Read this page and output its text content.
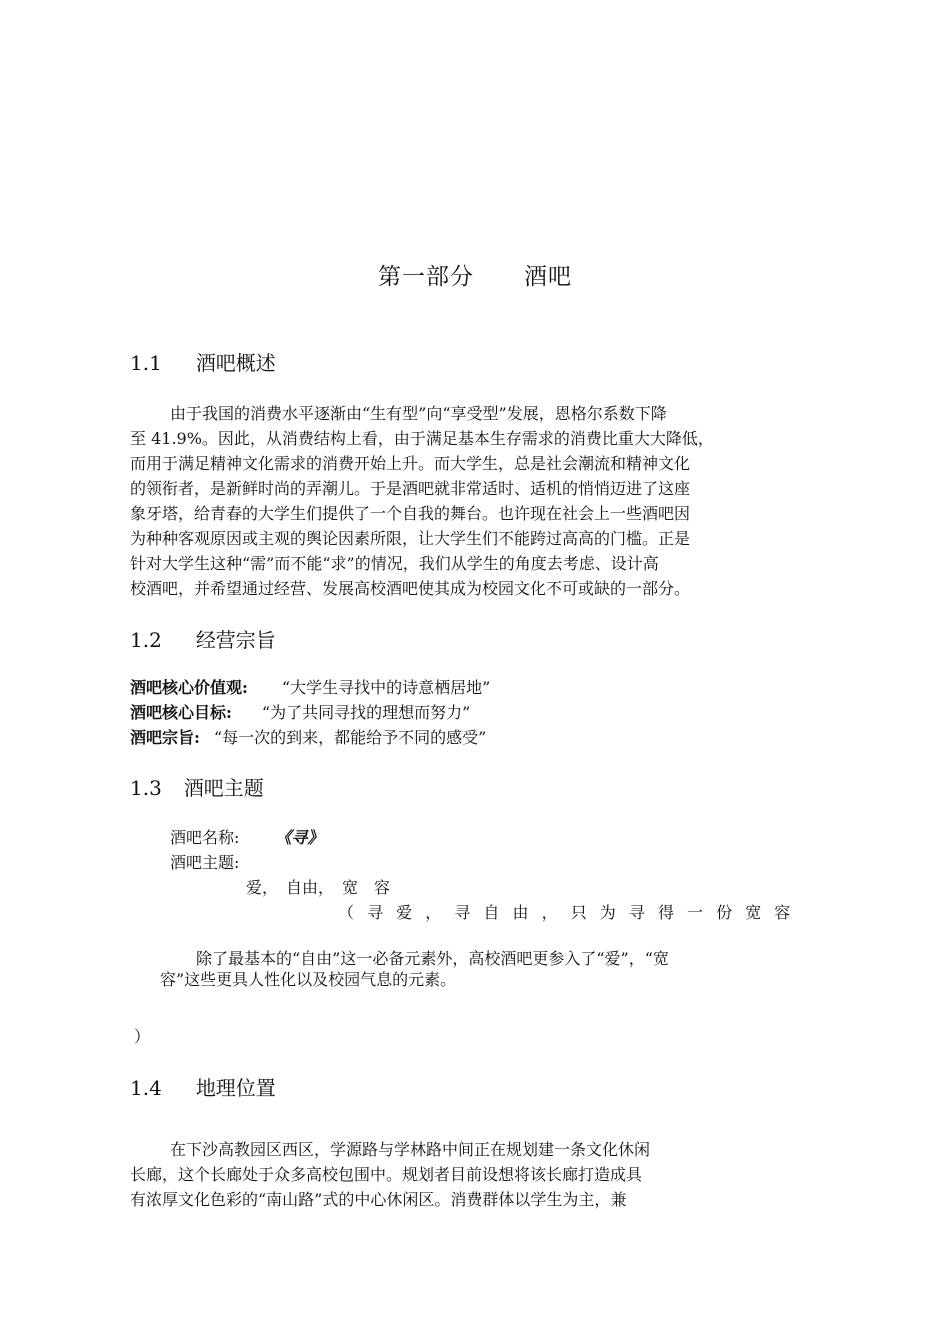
第一部分 酒吧
1.1 酒吧概述
由于我国的消费水平逐渐由“生有型”向“享受型”发展，恩格尔系数下降
至 41.9%。因此，从消费结构上看，由于满足基本生存需求的消费比重大大降低，
而用于满足精神文化需求的消费开始上升。而大学生，总是社会潮流和精神文化
的领衔者，是新鲜时尚的弄潮儿。于是酒吧就非常适时、适机的悄悄迈进了这座
象牙塔，给青春的大学生们提供了一个自我的舞台。也许现在社会上一些酒吧因
为种种客观原因或主观的舆论因素所限，让大学生们不能跨过高高的门槛。正是
针对大学生这种“需”而不能“求”的情况，我们从学生的角度去考虑、设计高
校酒吧，并希望通过经营、发展高校酒吧使其成为校园文化不可或缺的一部分。
1.2 经营宗旨
酒吧核心价值观: “大学生寻找中的诗意栖居地”
酒吧核心目标: “为了共同寻找的理想而努力”
酒吧宗旨: “每一次的到来，都能给予不同的感受”
1.3 酒吧主题
酒吧名称: 《寻》
酒吧主题:
爱，　自由，　宽　容
（ 寻 爱 ， 寻 自 由 ， 只 为 寻 得 一 份 宽 容
除了最基本的“自由”这一必备元素外，高校酒吧更参入了“爱”，“宽
容”这些更具人性化以及校园气息的元素。
）
1.4 地理位置
在下沙高教园区西区，学源路与学林路中间正在规划建一条文化休闲
长廊，这个长廊处于众多高校包围中。规划者目前设想将该长廊打造成具
有浓厚文化色彩的“南山路”式的中心休闲区。消费群体以学生为主，兼
